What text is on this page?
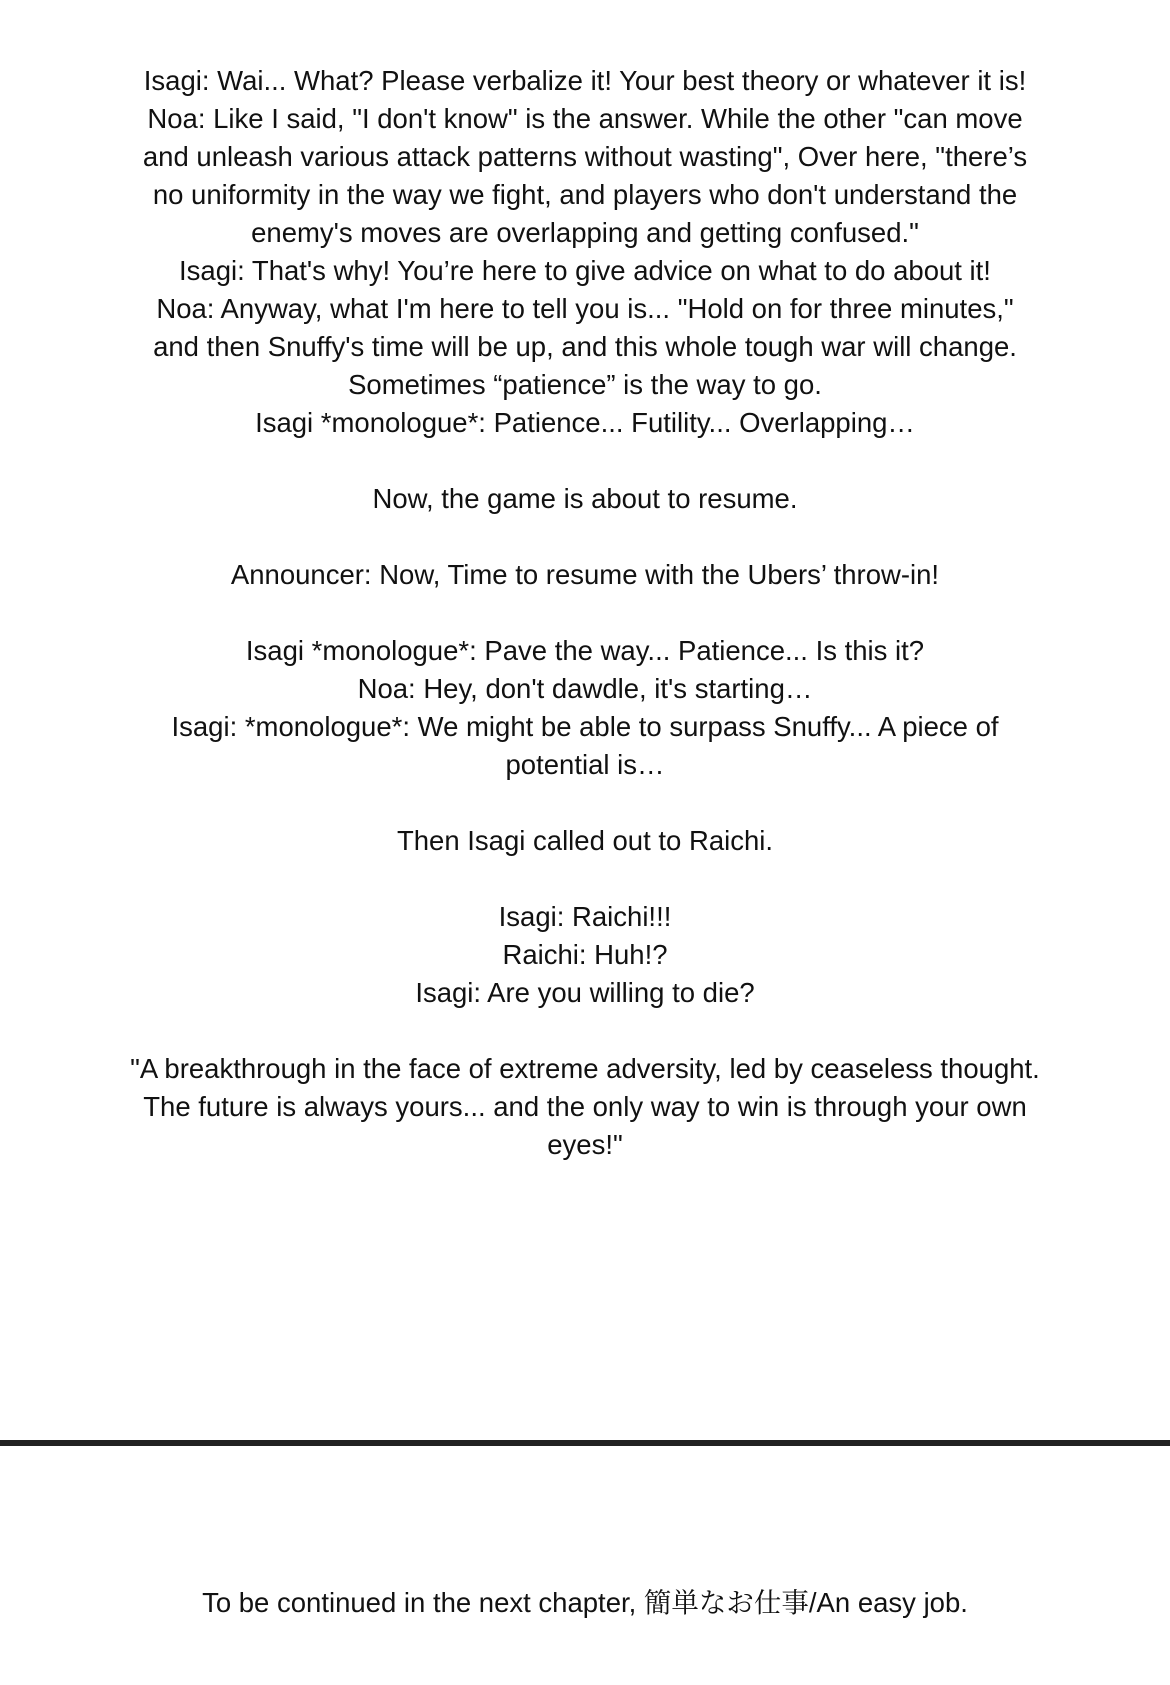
Isagi: Wai... What? Please verbalize it! Your best theory or whatever it is!
Noa: Like I said, "I don't know" is the answer. While the other "can move and unleash various attack patterns without wasting", Over here, "there’s no uniformity in the way we fight, and players who don't understand the enemy's moves are overlapping and getting confused."
Isagi: That's why! You’re here to give advice on what to do about it!
Noa: Anyway, what I'm here to tell you is... "Hold on for three minutes," and then Snuffy's time will be up, and this whole tough war will change. Sometimes “patience” is the way to go.
Isagi *monologue*: Patience... Futility... Overlapping…
Now, the game is about to resume.
Announcer: Now, Time to resume with the Ubers’ throw-in!
Isagi *monologue*: Pave the way... Patience... Is this it?
Noa: Hey, don't dawdle, it's starting…
Isagi: *monologue*: We might be able to surpass Snuffy... A piece of potential is…
Then Isagi called out to Raichi.
Isagi: Raichi!!!
Raichi: Huh!?
Isagi: Are you willing to die?
"A breakthrough in the face of extreme adversity, led by ceaseless thought. The future is always yours... and the only way to win is through your own eyes!"
To be continued in the next chapter, 簡単なお仕事/An easy job.
